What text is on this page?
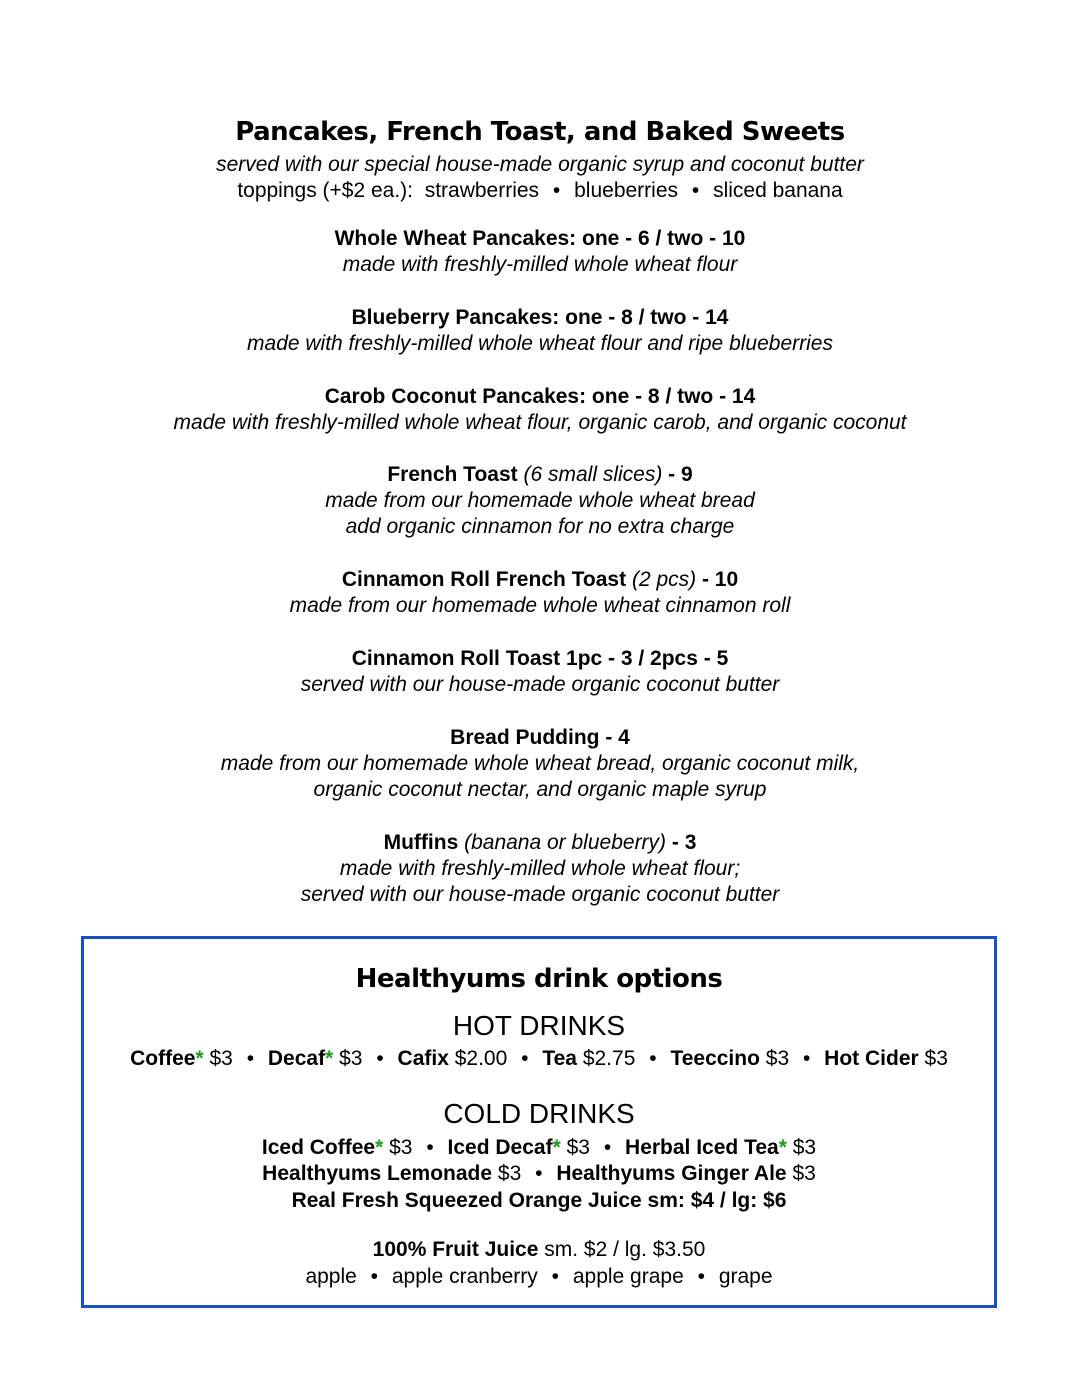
Pancakes, French Toast, and Baked Sweets
served with our special house-made organic syrup and coconut butter
toppings (+$2 ea.): strawberries • blueberries • sliced banana
Whole Wheat Pancakes: one - 6 / two - 10
made with freshly-milled whole wheat flour
Blueberry Pancakes: one - 8 / two - 14
made with freshly-milled whole wheat flour and ripe blueberries
Carob Coconut Pancakes: one - 8 / two - 14
made with freshly-milled whole wheat flour, organic carob, and organic coconut
French Toast (6 small slices) - 9
made from our homemade whole wheat bread
add organic cinnamon for no extra charge
Cinnamon Roll French Toast (2 pcs) - 10
made from our homemade whole wheat cinnamon roll
Cinnamon Roll Toast 1pc - 3 / 2pcs - 5
served with our house-made organic coconut butter
Bread Pudding - 4
made from our homemade whole wheat bread, organic coconut milk,
organic coconut nectar, and organic maple syrup
Muffins (banana or blueberry) - 3
made with freshly-milled whole wheat flour;
served with our house-made organic coconut butter
Healthyums drink options
HOT DRINKS
Coffee* $3 • Decaf* $3 • Cafix $2.00 • Tea $2.75 • Teeccino $3 • Hot Cider $3
COLD DRINKS
Iced Coffee* $3 • Iced Decaf* $3 • Herbal Iced Tea* $3
Healthyums Lemonade $3 • Healthyums Ginger Ale $3
Real Fresh Squeezed Orange Juice sm: $4 / lg: $6
100% Fruit Juice sm. $2 / lg. $3.50
apple • apple cranberry • apple grape • grape
